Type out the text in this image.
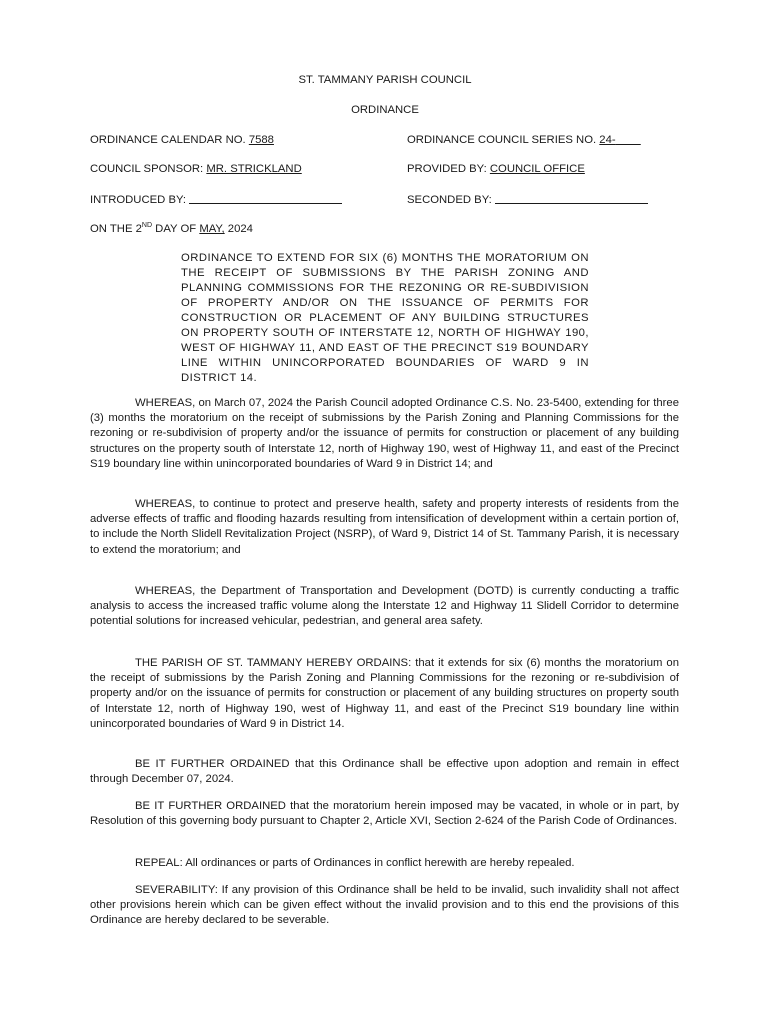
ST. TAMMANY PARISH COUNCIL
ORDINANCE
ORDINANCE CALENDAR NO. 7588	ORDINANCE COUNCIL SERIES NO. 24-
COUNCIL SPONSOR: MR. STRICKLAND	PROVIDED BY: COUNCIL OFFICE
INTRODUCED BY:	SECONDED BY:
ON THE 2ND DAY OF MAY, 2024
ORDINANCE TO EXTEND FOR SIX (6) MONTHS THE MORATORIUM ON THE RECEIPT OF SUBMISSIONS BY THE PARISH ZONING AND PLANNING COMMISSIONS FOR THE REZONING OR RE-SUBDIVISION OF PROPERTY AND/OR ON THE ISSUANCE OF PERMITS FOR CONSTRUCTION OR PLACEMENT OF ANY BUILDING STRUCTURES ON PROPERTY SOUTH OF INTERSTATE 12, NORTH OF HIGHWAY 190, WEST OF HIGHWAY 11, AND EAST OF THE PRECINCT S19 BOUNDARY LINE WITHIN UNINCORPORATED BOUNDARIES OF WARD 9 IN DISTRICT 14.

WHEREAS, on March 07, 2024 the Parish Council adopted Ordinance C.S. No. 23-5400, extending for three (3) months the moratorium on the receipt of submissions by the Parish Zoning and Planning Commissions for the rezoning or re-subdivision of property and/or the issuance of permits for construction or placement of any building structures on the property south of Interstate 12, north of Highway 190, west of Highway 11, and east of the Precinct S19 boundary line within unincorporated boundaries of Ward 9 in District 14; and

WHEREAS, to continue to protect and preserve health, safety and property interests of residents from the adverse effects of traffic and flooding hazards resulting from intensification of development within a certain portion of, to include the North Slidell Revitalization Project (NSRP), of Ward 9, District 14 of St. Tammany Parish, it is necessary to extend the moratorium; and

WHEREAS, the Department of Transportation and Development (DOTD) is currently conducting a traffic analysis to access the increased traffic volume along the Interstate 12 and Highway 11 Slidell Corridor to determine potential solutions for increased vehicular, pedestrian, and general area safety.

THE PARISH OF ST. TAMMANY HEREBY ORDAINS: that it extends for six (6) months the moratorium on the receipt of submissions by the Parish Zoning and Planning Commissions for the rezoning or re-subdivision of property and/or on the issuance of permits for construction or placement of any building structures on property south of Interstate 12, north of Highway 190, west of Highway 11, and east of the Precinct S19 boundary line within unincorporated boundaries of Ward 9 in District 14.

BE IT FURTHER ORDAINED that this Ordinance shall be effective upon adoption and remain in effect through December 07, 2024.

BE IT FURTHER ORDAINED that the moratorium herein imposed may be vacated, in whole or in part, by Resolution of this governing body pursuant to Chapter 2, Article XVI, Section 2-624 of the Parish Code of Ordinances.

REPEAL: All ordinances or parts of Ordinances in conflict herewith are hereby repealed.

SEVERABILITY: If any provision of this Ordinance shall be held to be invalid, such invalidity shall not affect other provisions herein which can be given effect without the invalid provision and to this end the provisions of this Ordinance are hereby declared to be severable.
